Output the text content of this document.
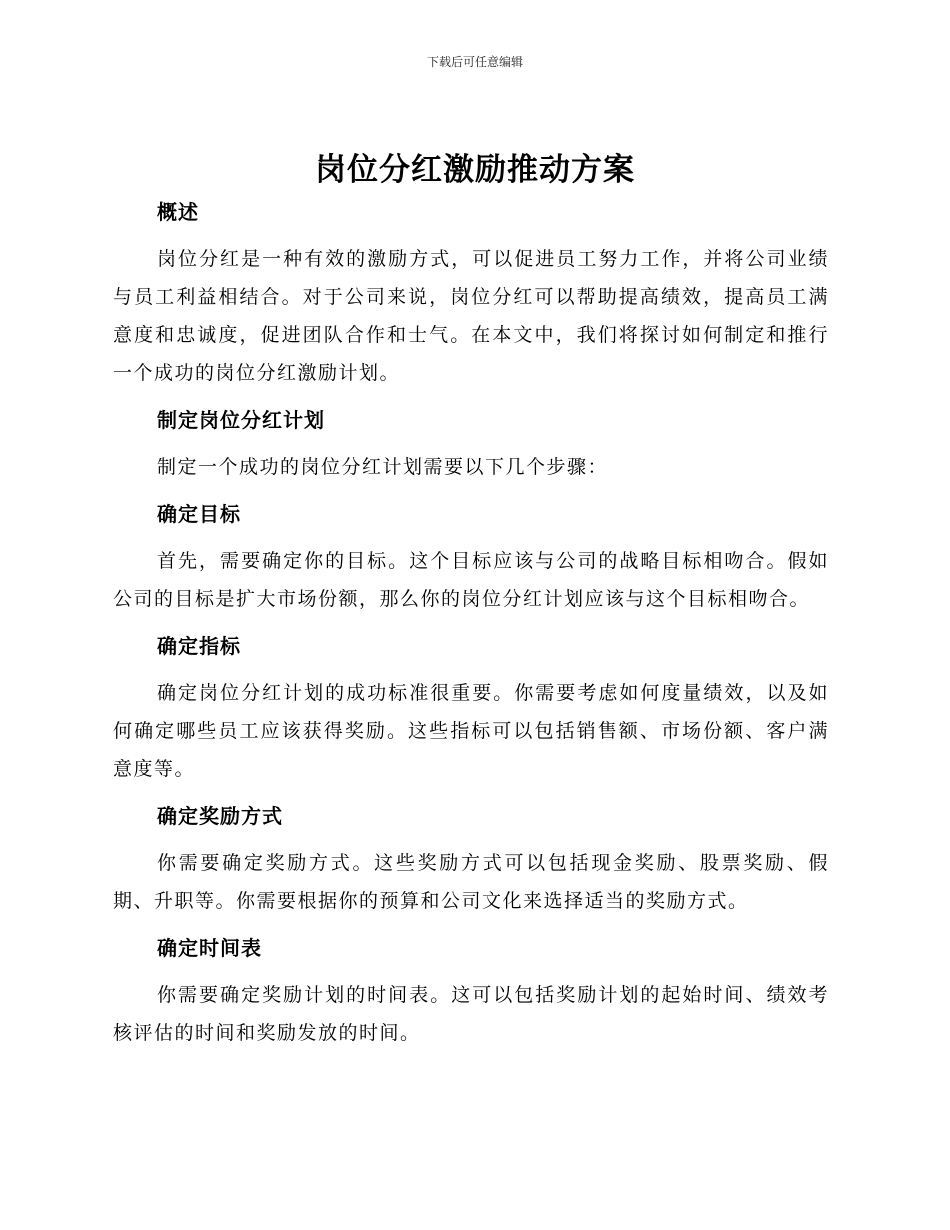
下载后可任意编辑
岗位分红激励推动方案
概述

岗位分红是一种有效的激励方式，可以促进员工努力工作，并将公司业绩与员工利益相结合。对于公司来说，岗位分红可以帮助提高绩效，提高员工满意度和忠诚度，促进团队合作和士气。在本文中，我们将探讨如何制定和推行一个成功的岗位分红激励计划。

制定岗位分红计划

制定一个成功的岗位分红计划需要以下几个步骤：

确定目标

首先，需要确定你的目标。这个目标应该与公司的战略目标相吻合。假如公司的目标是扩大市场份额，那么你的岗位分红计划应该与这个目标相吻合。

确定指标

确定岗位分红计划的成功标准很重要。你需要考虑如何度量绩效，以及如何确定哪些员工应该获得奖励。这些指标可以包括销售额、市场份额、客户满意度等。

确定奖励方式

你需要确定奖励方式。这些奖励方式可以包括现金奖励、股票奖励、假期、升职等。你需要根据你的预算和公司文化来选择适当的奖励方式。

确定时间表

你需要确定奖励计划的时间表。这可以包括奖励计划的起始时间、绩效考核评估的时间和奖励发放的时间。
